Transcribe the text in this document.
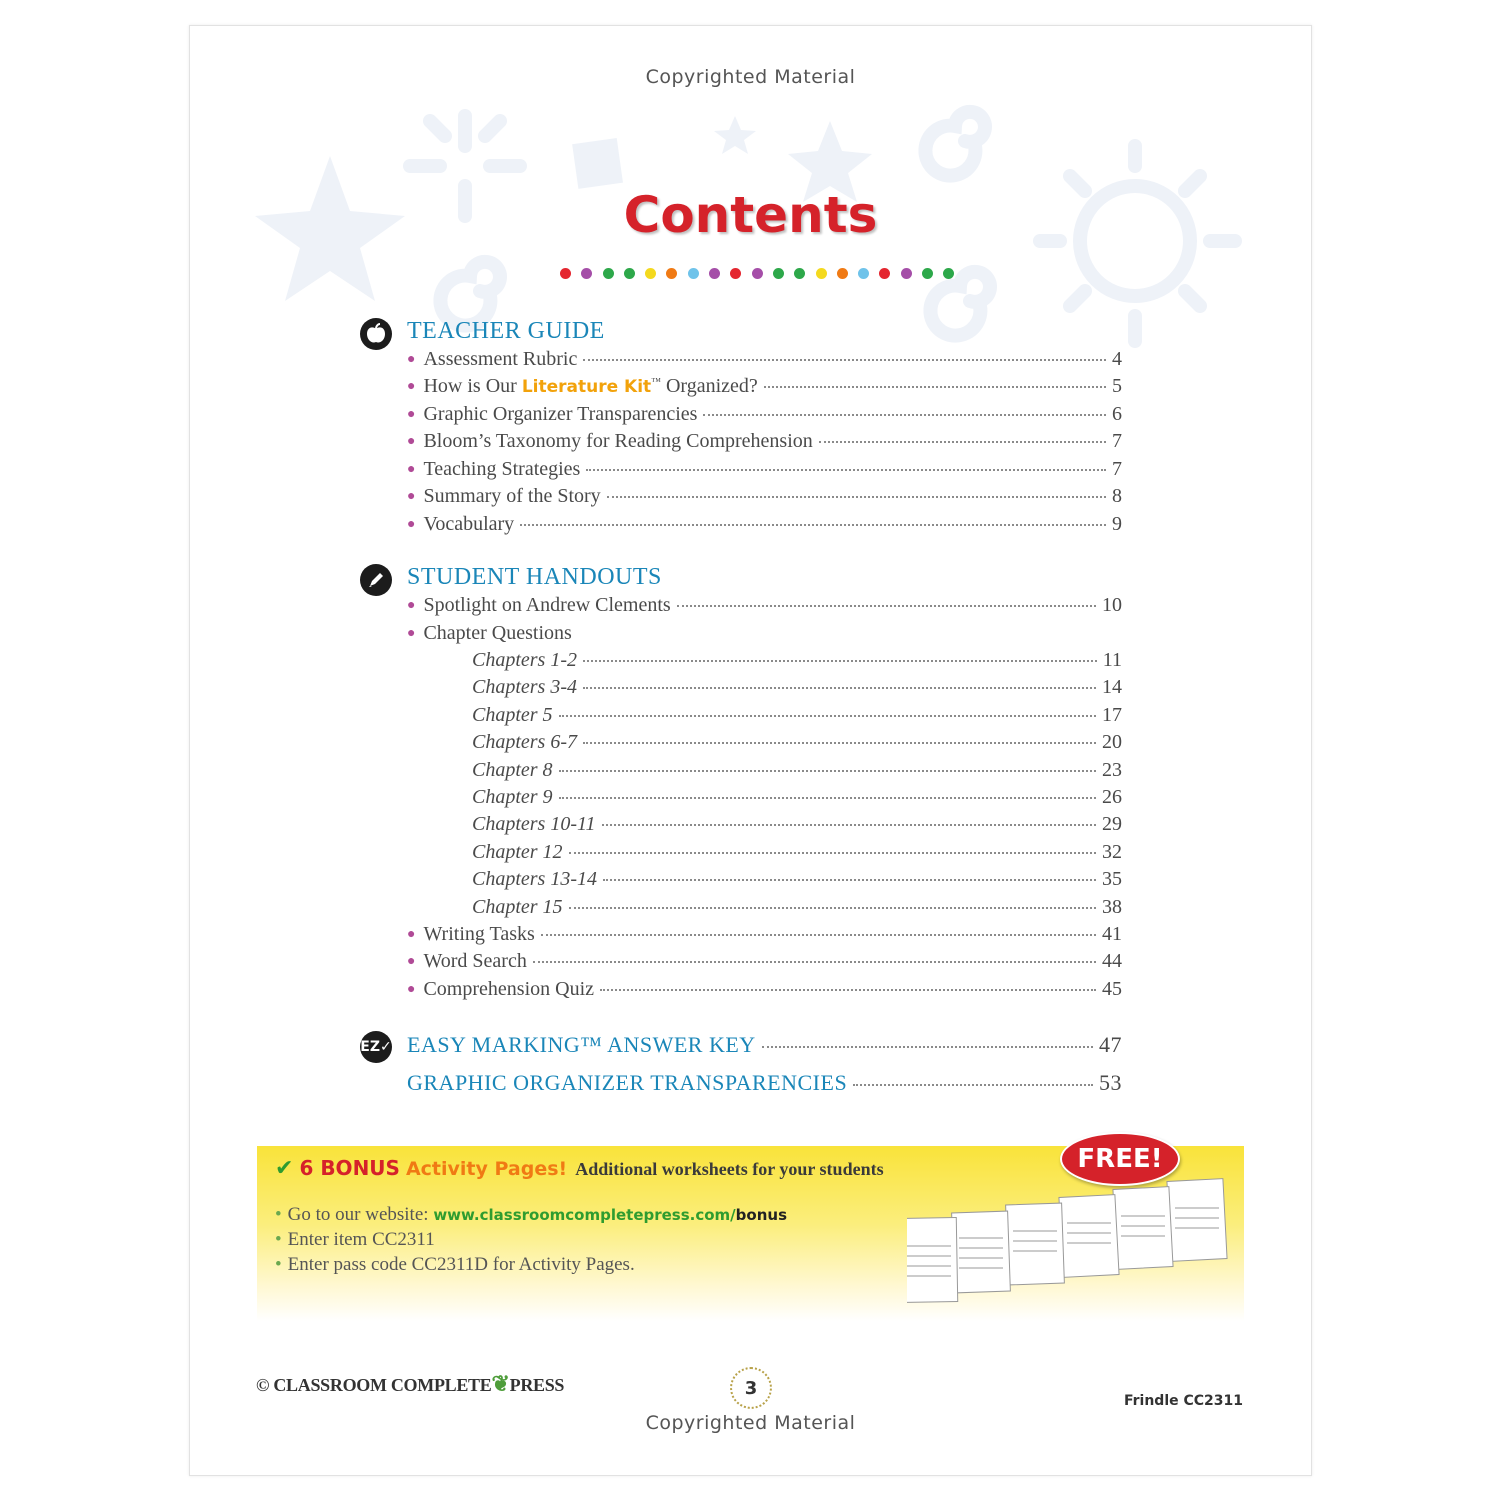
Copyrighted Material
Contents
TEACHER GUIDE
● Assessment Rubric	4
● How is Our Literature Kit™ Organized?	5
● Graphic Organizer Transparencies	6
● Bloom’s Taxonomy for Reading Comprehension	7
● Teaching Strategies	7
● Summary of the Story	8
● Vocabulary	9
STUDENT HANDOUTS
● Spotlight on Andrew Clements	10
● Chapter Questions
Chapters 1-2	11
Chapters 3-4	14
Chapter 5	17
Chapters 6-7	20
Chapter 8	23
Chapter 9	26
Chapters 10-11	29
Chapter 12	32
Chapters 13-14	35
Chapter 15	38
● Writing Tasks	41
● Word Search	44
● Comprehension Quiz	45
EZ✓ EASY MARKING™ ANSWER KEY	47
GRAPHIC ORGANIZER TRANSPARENCIES	53
✔ 6 BONUS Activity Pages! Additional worksheets for your students
• Go to our website: www.classroomcompletepress.com/bonus
• Enter item CC2311
• Enter pass code CC2311D for Activity Pages.
FREE!
© CLASSROOM COMPLETE❦PRESS	3
Copyrighted Material
Frindle CC2311
